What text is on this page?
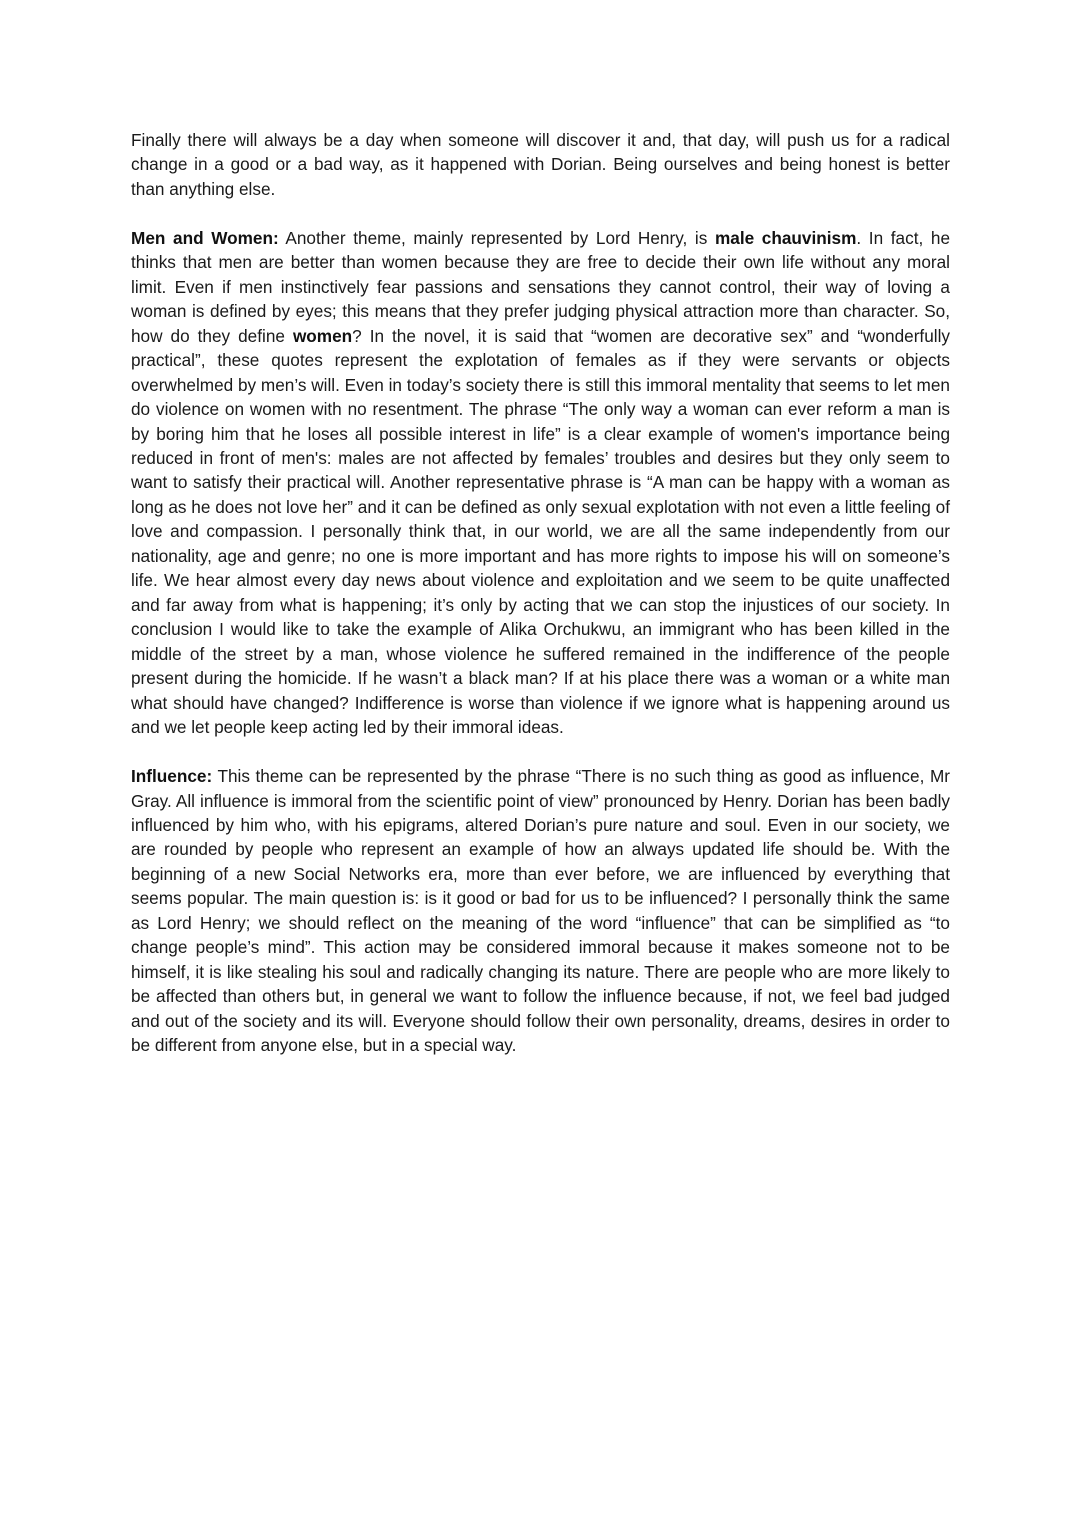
Finally there will always be a day when someone will discover it and, that day, will push us for a radical change in a good or a bad way, as it happened with Dorian. Being ourselves and being honest is better than anything else.

Men and Women: Another theme, mainly represented by Lord Henry, is male chauvinism. In fact, he thinks that men are better than women because they are free to decide their own life without any moral limit. Even if men instinctively fear passions and sensations they cannot control, their way of loving a woman is defined by eyes; this means that they prefer judging physical attraction more than character. So, how do they define women? In the novel, it is said that “women are decorative sex” and “wonderfully practical”, these quotes represent the explotation of females as if they were servants or objects overwhelmed by men’s will. Even in today’s society there is still this immoral mentality that seems to let men do violence on women with no resentment. The phrase “The only way a woman can ever reform a man is by boring him that he loses all possible interest in life” is a clear example of women's importance being reduced in front of men's: males are not affected by females’ troubles and desires but they only seem to want to satisfy their practical will. Another representative phrase is “A man can be happy with a woman as long as he does not love her” and it can be defined as only sexual explotation with not even a little feeling of love and compassion. I personally think that, in our world, we are all the same independently from our nationality, age and genre; no one is more important and has more rights to impose his will on someone’s life. We hear almost every day news about violence and exploitation and we seem to be quite unaffected and far away from what is happening; it’s only by acting that we can stop the injustices of our society. In conclusion I would like to take the example of Alika Orchukwu, an immigrant who has been killed in the middle of the street by a man, whose violence he suffered remained in the indifference of the people present during the homicide. If he wasn’t a black man? If at his place there was a woman or a white man what should have changed? Indifference is worse than violence if we ignore what is happening around us and we let people keep acting led by their immoral ideas.

Influence: This theme can be represented by the phrase “There is no such thing as good as influence, Mr Gray. All influence is immoral from the scientific point of view” pronounced by Henry. Dorian has been badly influenced by him who, with his epigrams, altered Dorian’s pure nature and soul. Even in our society, we are rounded by people who represent an example of how an always updated life should be. With the beginning of a new Social Networks era, more than ever before, we are influenced by everything that seems popular. The main question is: is it good or bad for us to be influenced? I personally think the same as Lord Henry; we should reflect on the meaning of the word “influence” that can be simplified as “to change people’s mind”. This action may be considered immoral because it makes someone not to be himself, it is like stealing his soul and radically changing its nature. There are people who are more likely to be affected than others but, in general we want to follow the influence because, if not, we feel bad judged and out of the society and its will. Everyone should follow their own personality, dreams, desires in order to be different from anyone else, but in a special way.
